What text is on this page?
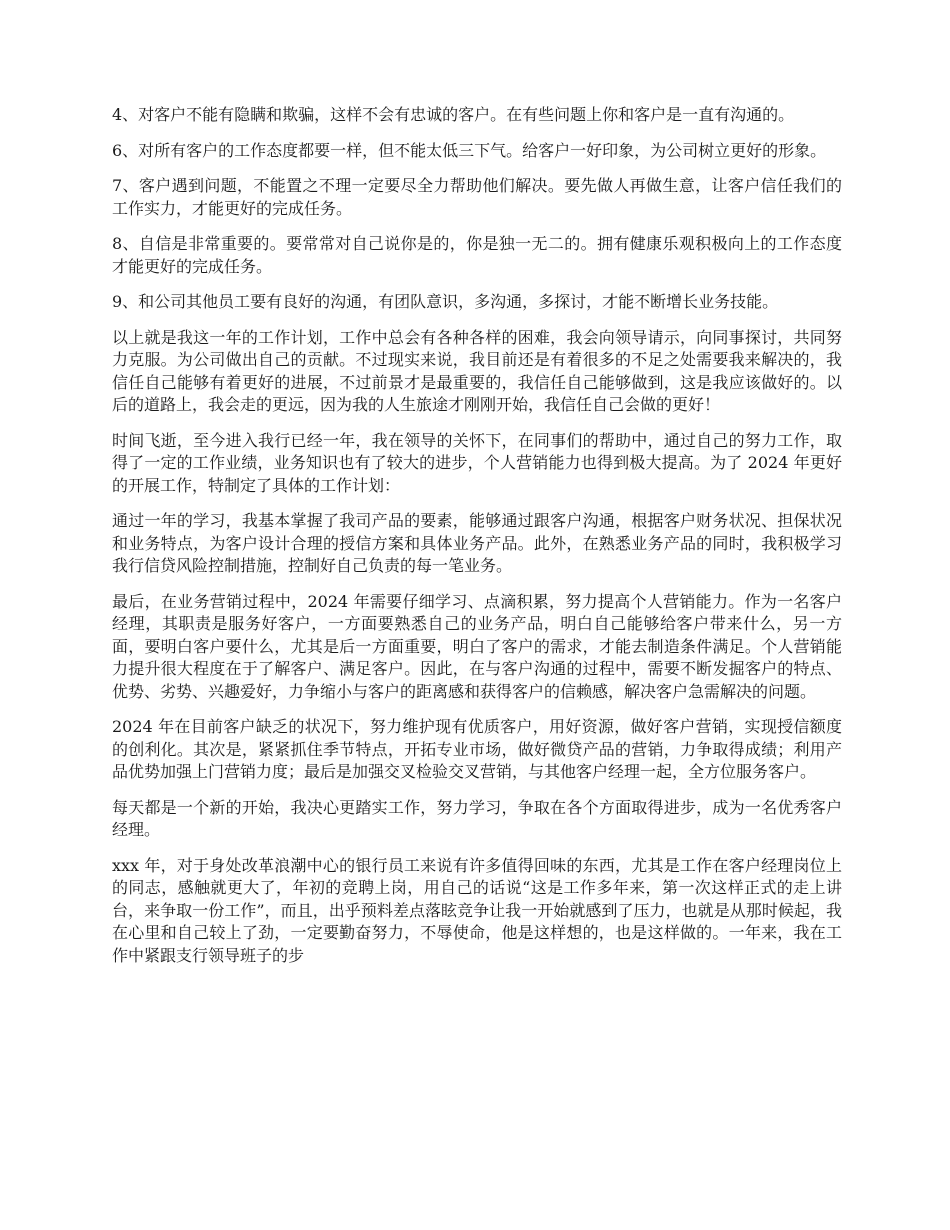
4、对客户不能有隐瞒和欺骗，这样不会有忠诚的客户。在有些问题上你和客户是一直有沟通的。

6、对所有客户的工作态度都要一样，但不能太低三下气。给客户一好印象，为公司树立更好的形象。

7、客户遇到问题，不能置之不理一定要尽全力帮助他们解决。要先做人再做生意，让客户信任我们的工作实力，才能更好的完成任务。

8、自信是非常重要的。要常常对自己说你是的，你是独一无二的。拥有健康乐观积极向上的工作态度才能更好的完成任务。

9、和公司其他员工要有良好的沟通，有团队意识，多沟通，多探讨，才能不断增长业务技能。

以上就是我这一年的工作计划，工作中总会有各种各样的困难，我会向领导请示，向同事探讨，共同努力克服。为公司做出自己的贡献。不过现实来说，我目前还是有着很多的不足之处需要我来解决的，我信任自己能够有着更好的进展，不过前景才是最重要的，我信任自己能够做到，这是我应该做好的。以后的道路上，我会走的更远，因为我的人生旅途才刚刚开始，我信任自己会做的更好！

时间飞逝，至今进入我行已经一年，我在领导的关怀下，在同事们的帮助中，通过自己的努力工作，取得了一定的工作业绩，业务知识也有了较大的进步，个人营销能力也得到极大提高。为了 2024 年更好的开展工作，特制定了具体的工作计划：

通过一年的学习，我基本掌握了我司产品的要素，能够通过跟客户沟通，根据客户财务状况、担保状况和业务特点，为客户设计合理的授信方案和具体业务产品。此外，在熟悉业务产品的同时，我积极学习我行信贷风险控制措施，控制好自己负责的每一笔业务。

最后，在业务营销过程中，2024 年需要仔细学习、点滴积累，努力提高个人营销能力。作为一名客户经理，其职责是服务好客户，一方面要熟悉自己的业务产品，明白自己能够给客户带来什么，另一方面，要明白客户要什么，尤其是后一方面重要，明白了客户的需求，才能去制造条件满足。个人营销能力提升很大程度在于了解客户、满足客户。因此，在与客户沟通的过程中，需要不断发掘客户的特点、优势、劣势、兴趣爱好，力争缩小与客户的距离感和获得客户的信赖感，解决客户急需解决的问题。

2024 年在目前客户缺乏的状况下，努力维护现有优质客户，用好资源，做好客户营销，实现授信额度的创利化。其次是，紧紧抓住季节特点，开拓专业市场，做好微贷产品的营销，力争取得成绩；利用产品优势加强上门营销力度；最后是加强交叉检验交叉营销，与其他客户经理一起，全方位服务客户。

每天都是一个新的开始，我决心更踏实工作，努力学习，争取在各个方面取得进步，成为一名优秀客户经理。

xxx 年，对于身处改革浪潮中心的银行员工来说有许多值得回味的东西，尤其是工作在客户经理岗位上的同志，感触就更大了，年初的竞聘上岗，用自己的话说“这是工作多年来，第一次这样正式的走上讲台，来争取一份工作”，而且，出乎预料差点落眩竞争让我一开始就感到了压力，也就是从那时候起，我在心里和自己较上了劲，一定要勤奋努力，不辱使命，他是这样想的，也是这样做的。一年来，我在工作中紧跟支行领导班子的步
